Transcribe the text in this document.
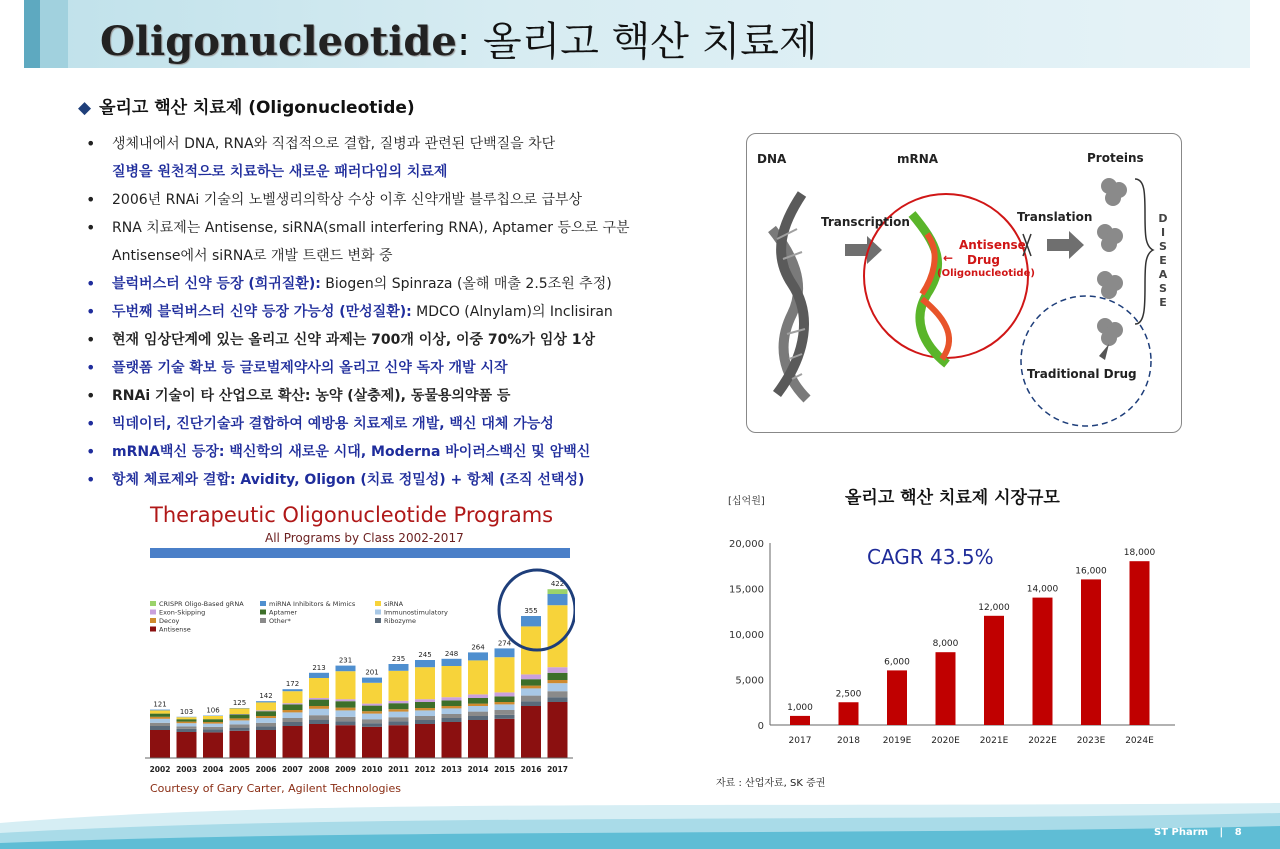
Oligonucleotide: 올리고 핵산 치료제
◆ 올리고 핵산 치료제 (Oligonucleotide)
• 생체내에서 DNA, RNA와 직접적으로 결합, 질병과 관련된 단백질을 차단
질병을 원천적으로 치료하는 새로운 패러다임의 치료제
• 2006년 RNAi 기술의 노벨생리의학상 수상 이후 신약개발 블루칩으로 급부상
• RNA 치료제는 Antisense, siRNA(small interfering RNA), Aptamer 등으로 구분
Antisense에서 siRNA로 개발 트랜드 변화 중
• 블럭버스터 신약 등장 (희귀질환): Biogen의 Spinraza (올해 매출 2.5조원 추정)
• 두번째 블럭버스터 신약 등장 가능성 (만성질환): MDCO (Alnylam)의 Inclisiran
• 현재 임상단계에 있는 올리고 신약 과제는 700개 이상, 이중 70%가 임상 1상
• 플랫폼 기술 확보 등 글로벌제약사의 올리고 신약 독자 개발 시작
• RNAi 기술이 타 산업으로 확산: 농약 (살충제), 동물용의약품 등
• 빅데이터, 진단기술과 결합하여 예방용 치료제로 개발, 백신 대체 가능성
• mRNA백신 등장: 백신학의 새로운 시대, Moderna 바이러스백신 및 암백신
• 항체 체료제와 결합: Avidity, Oligon (치료 정밀성) + 항체 (조직 선택성)
DNA	mRNA	Proteins
Transcription	Translation
Antisense
Drug
(Oligonucleotide)
←
D
I
S
E
A
S
E
Traditional Drug
Therapeutic Oligonucleotide Programs
All Programs by Class 2002-2017
CRISPR Oligo-Based gRNA	miRNA Inhibitors & Mimics	siRNA
Exon-Skipping	Aptamer	Immunostimulatory
Decoy	Other*	Ribozyme
Antisense
121
2002
103
2003
106
2004
125
2005
142
2006
172
2007
213
2008
231
2009
201
2010
235
2011
245
2012
248
2013
264
2014
274
2015
355
2016
422
2017
Courtesy of Gary Carter, Agilent Technologies
[십억원]	올리고 핵산 치료제 시장규모
0
5,000
10,000
15,000
20,000
1,000
2017
2,500
2018
6,000
2019E
8,000
2020E
12,000
2021E
14,000
2022E
16,000
2023E
18,000
2024E
CAGR 43.5%
자료 : 산업자료, SK 증권
ST Pharm | 8
